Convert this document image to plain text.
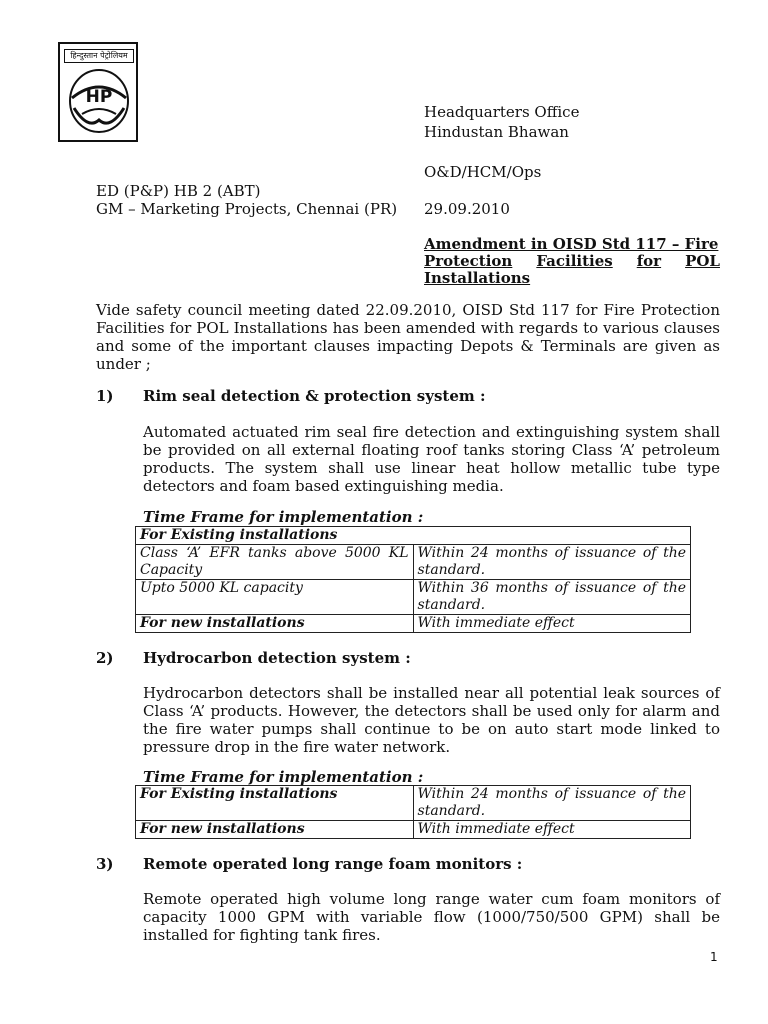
हिन्दुस्तान पेट्रोलियम
HP
Headquarters Office
Hindustan Bhawan
O&D/HCM/Ops
ED (P&P) HB 2 (ABT)
GM – Marketing Projects, Chennai (PR) 29.09.2010
Amendment in OISD Std 117 – Fire
Protection Facilities for POL
Installations
Vide safety council meeting dated 22.09.2010, OISD Std 117 for Fire Protection Facilities for POL Installations has been amended with regards to various clauses and some of the important clauses impacting Depots & Terminals are given as under ;
1) Rim seal detection & protection system :
Automated actuated rim seal fire detection and extinguishing system shall be provided on all external floating roof tanks storing Class ‘A’ petroleum products. The system shall use linear heat hollow metallic tube type detectors and foam based extinguishing media.
Time Frame for implementation :
For Existing installations	
Class ‘A’ EFR tanks above 5000 KL Capacity	Within 24 months of issuance of the standard.
Upto 5000 KL capacity	Within 36 months of issuance of the standard.
For new installations	With immediate effect
2) Hydrocarbon detection system :
Hydrocarbon detectors shall be installed near all potential leak sources of Class ‘A’ products. However, the detectors shall be used only for alarm and the fire water pumps shall continue to be on auto start mode linked to pressure drop in the fire water network.
Time Frame for implementation :
For Existing installations	Within 24 months of issuance of the standard.
For new installations	With immediate effect
3) Remote operated long range foam monitors :
Remote operated high volume long range water cum foam monitors of capacity 1000 GPM with variable flow (1000/750/500 GPM) shall be installed for fighting tank fires.
1
